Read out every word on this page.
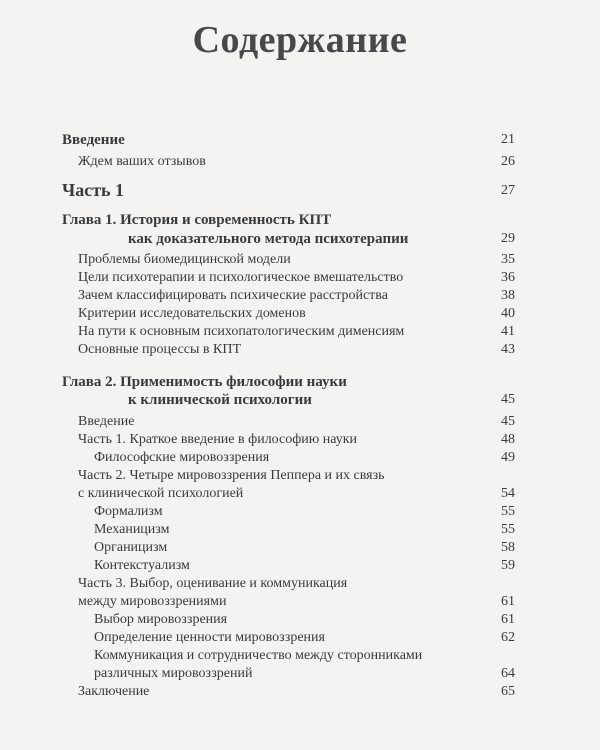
Содержание
Введение	21
Ждем ваших отзывов	26
Часть 1	27
Глава 1. История и современность КПТ
как доказательного метода психотерапии	29
Проблемы биомедицинской модели	35
Цели психотерапии и психологическое вмешательство	36
Зачем классифицировать психические расстройства	38
Критерии исследовательских доменов	40
На пути к основным психопатологическим дименсиям	41
Основные процессы в КПТ	43
Глава 2. Применимость философии науки
к клинической психологии	45
Введение	45
Часть 1. Краткое введение в философию науки	48
Философские мировоззрения	49
Часть 2. Четыре мировоззрения Пеппера и их связь
с клинической психологией	54
Формализм	55
Механицизм	55
Органицизм	58
Контекстуализм	59
Часть 3. Выбор, оценивание и коммуникация
между мировоззрениями	61
Выбор мировоззрения	61
Определение ценности мировоззрения	62
Коммуникация и сотрудничество между сторонниками
различных мировоззрений	64
Заключение	65
